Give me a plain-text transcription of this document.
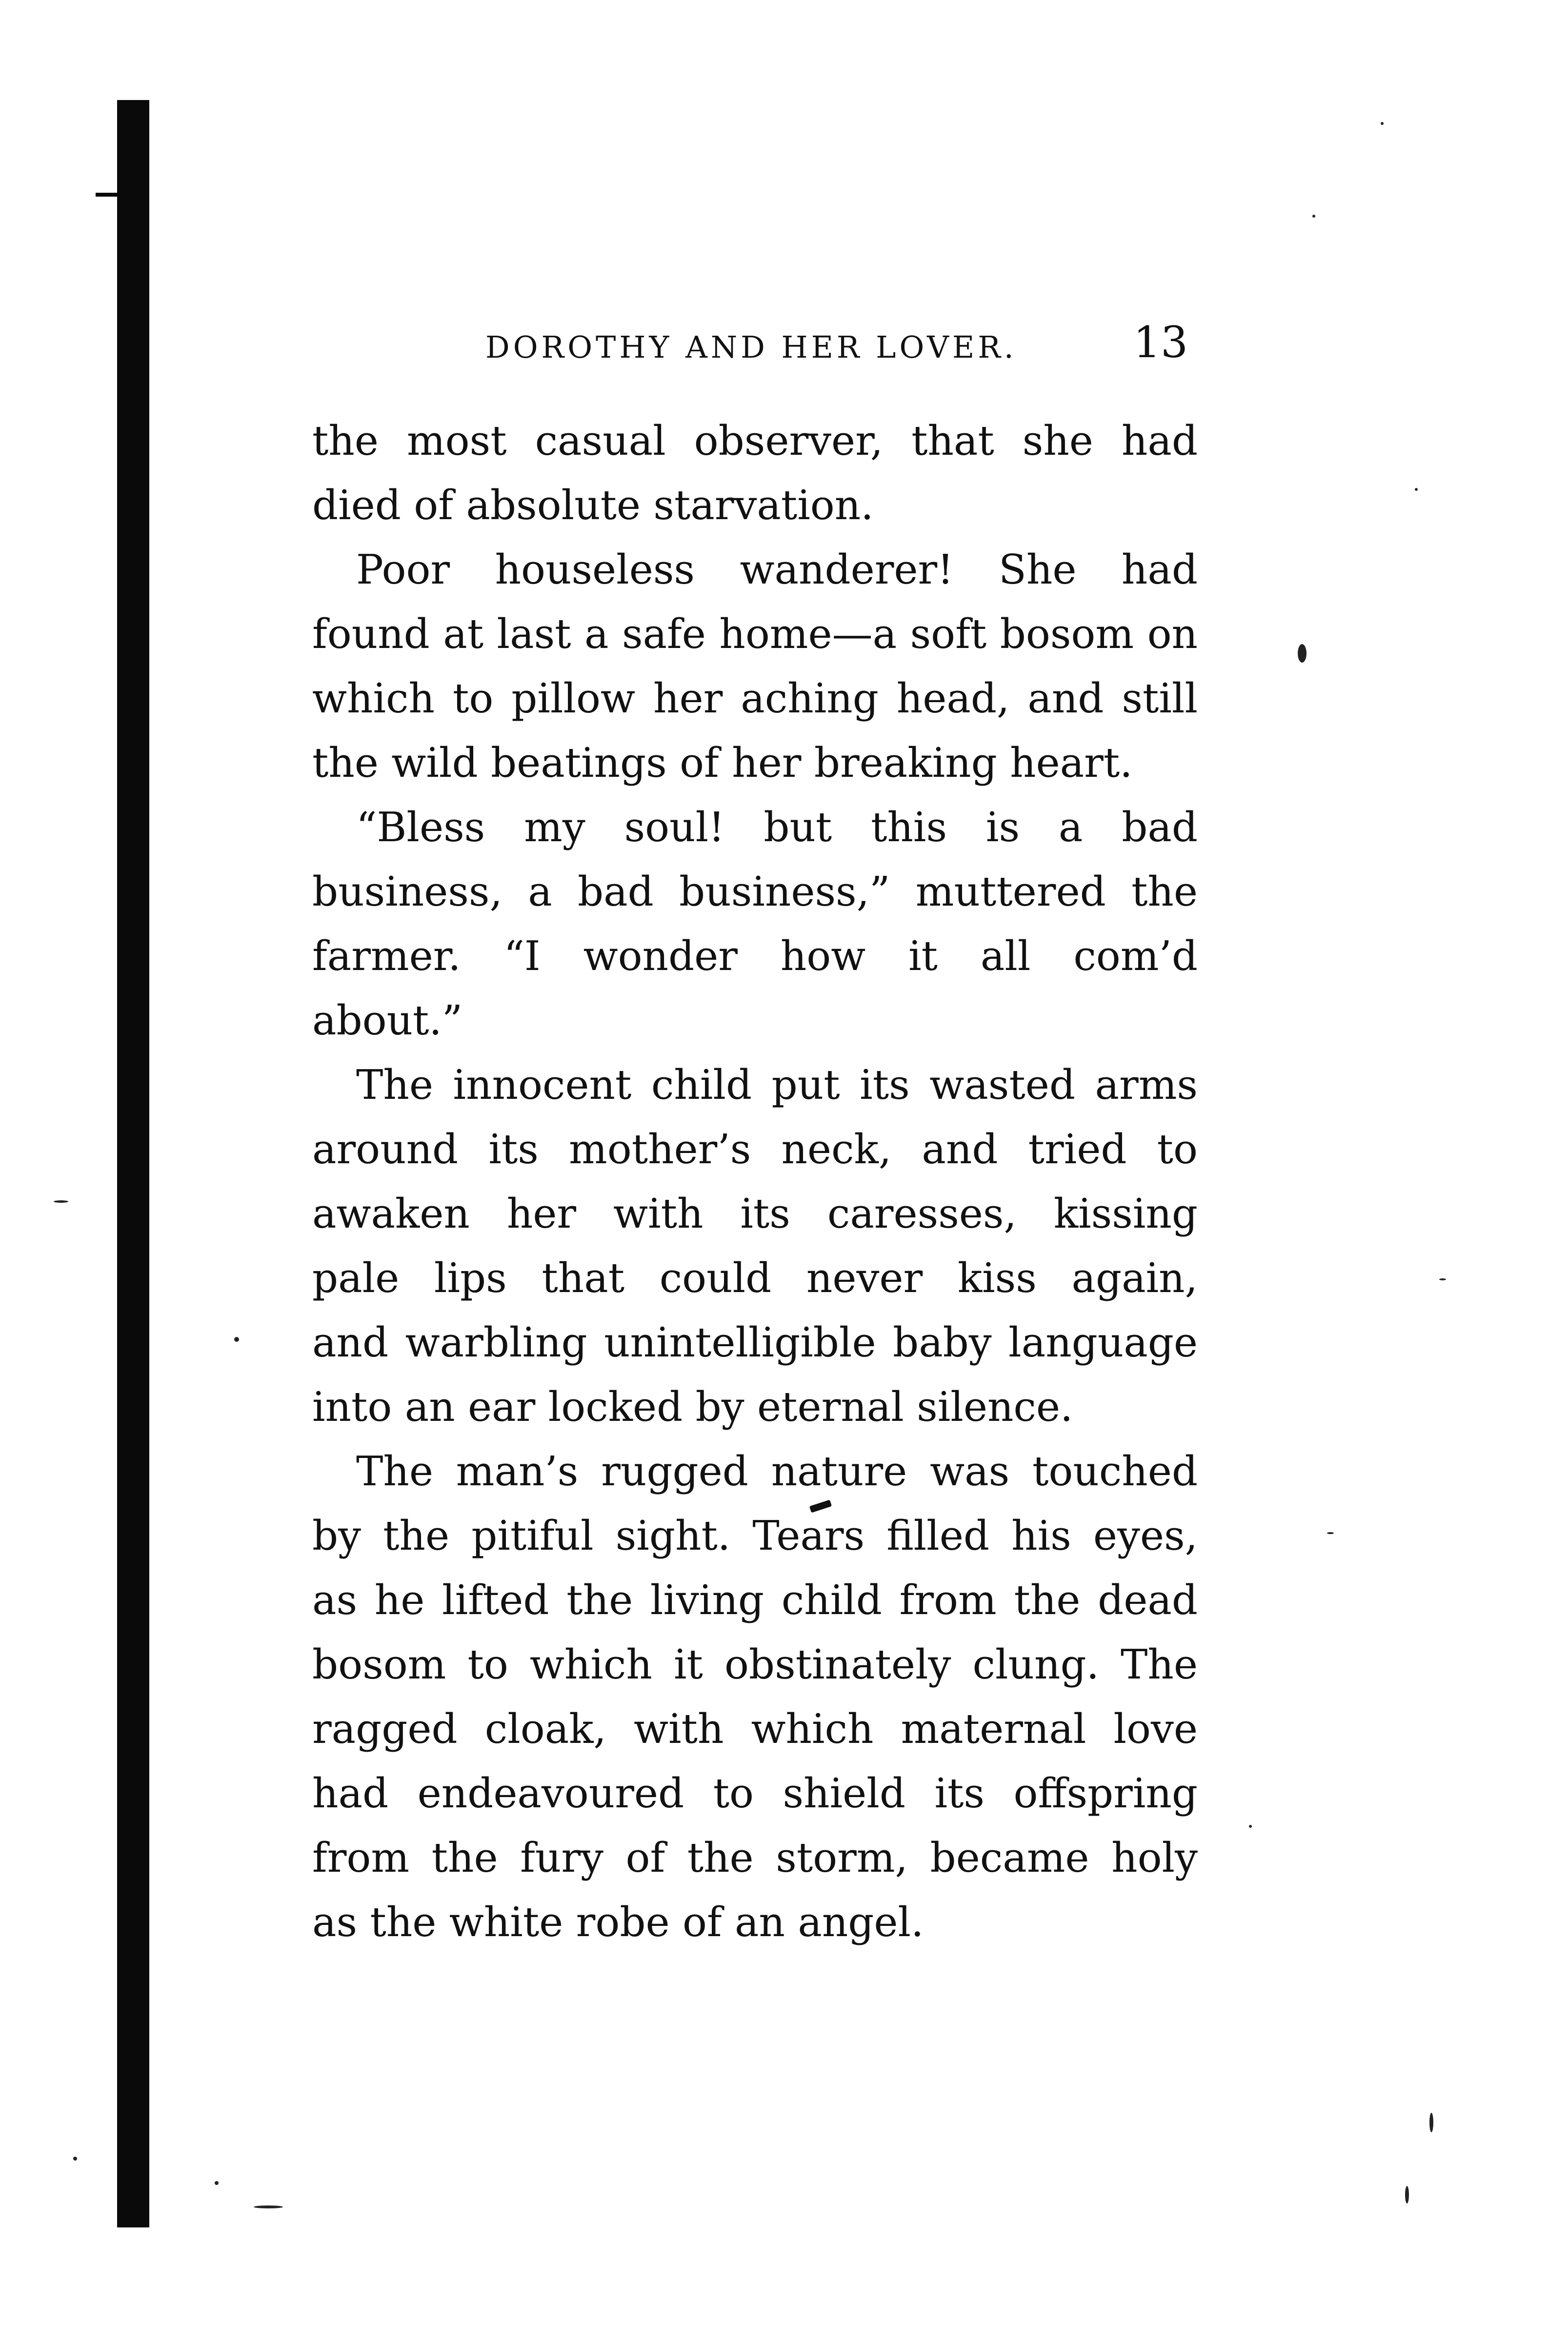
DOROTHY AND HER LOVER.	13
the most casual observer, that she had
died of absolute starvation.
Poor houseless wanderer! She had
found at last a safe home—a soft bosom on
which to pillow her aching head, and still
the wild beatings of her breaking heart.
“Bless my soul! but this is a bad
business, a bad business,” muttered the
farmer. “I wonder how it all com’d
about.”
The innocent child put its wasted arms
around its mother’s neck, and tried to
awaken her with its caresses, kissing
pale lips that could never kiss again,
and warbling unintelligible baby language
into an ear locked by eternal silence.
The man’s rugged nature was touched
by the pitiful sight. Tears filled his eyes,
as he lifted the living child from the dead
bosom to which it obstinately clung. The
ragged cloak, with which maternal love
had endeavoured to shield its offspring
from the fury of the storm, became holy
as the white robe of an angel.
